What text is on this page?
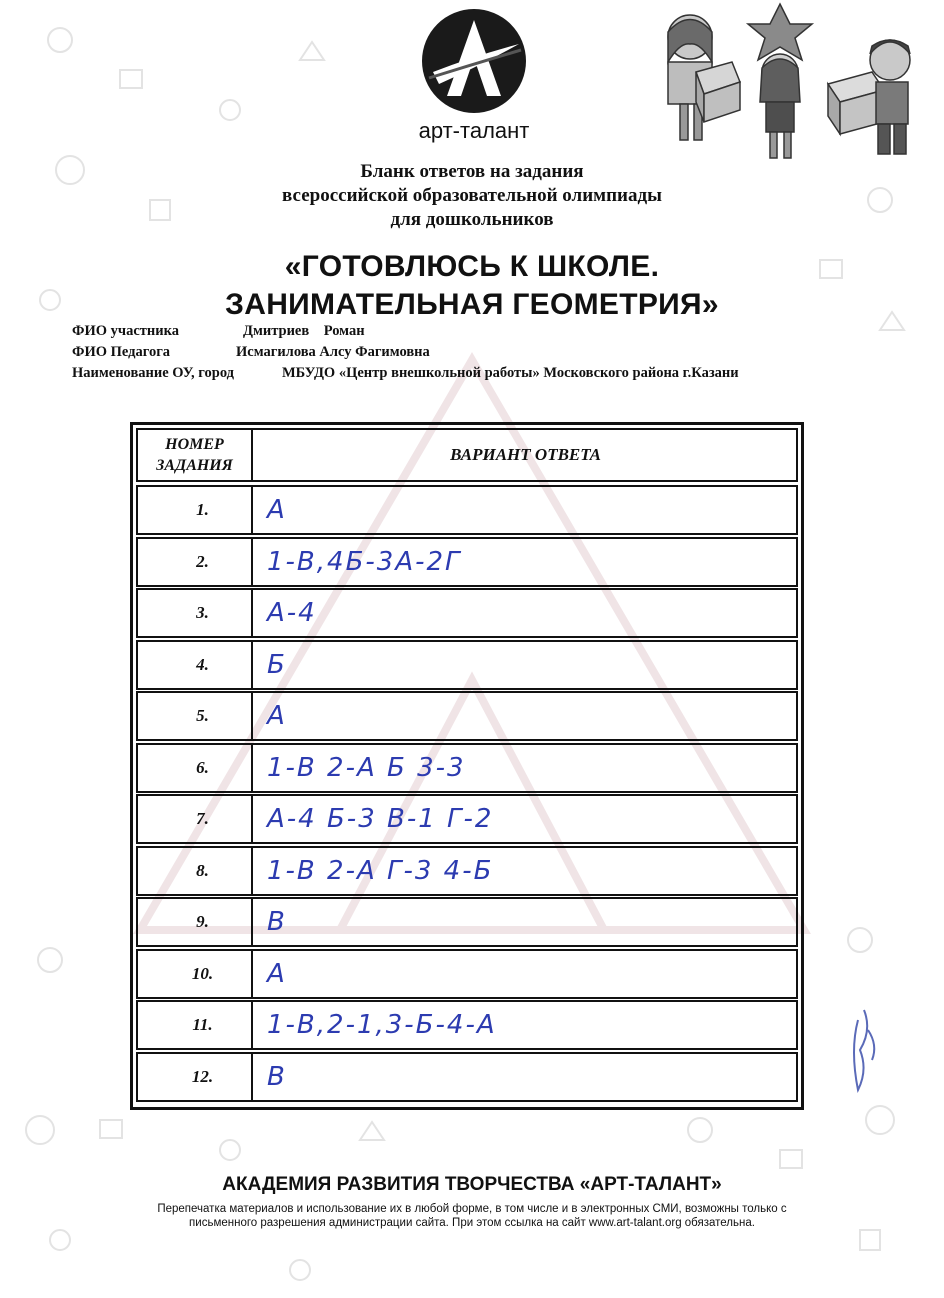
арт-талант
Бланк ответов на задания
всероссийской образовательной олимпиады
для дошкольников
«ГОТОВЛЮСЬ К ШКОЛЕ.
ЗАНИМАТЕЛЬНАЯ ГЕОМЕТРИЯ»
ФИО участника	Дмитриев    Роман
ФИО Педагога	Исмагилова Алсу Фагимовна
Наименование ОУ, город	МБУДО «Центр внешкольной работы» Московского района г.Казани
НОМЕР
ЗАДАНИЯ
ВАРИАНТ ОТВЕТА
1.	А
2.	1-В,4Б-3А-2Г
3.	А-4
4.	Б
5.	А
6.	1-В 2-А Б 3-3
7.	А-4 Б-3 В-1 Г-2
8.	1-В 2-А Г-3 4-Б
9.	В
10.	А
11.	1-В,2-1,3-Б-4-А
12.	В
АКАДЕМИЯ РАЗВИТИЯ ТВОРЧЕСТВА «АРТ-ТАЛАНТ»
Перепечатка материалов и использование их в любой форме, в том числе и в электронных СМИ, возможны только с
письменного разрешения администрации сайта. При этом ссылка на сайт www.art-talant.org обязательна.
